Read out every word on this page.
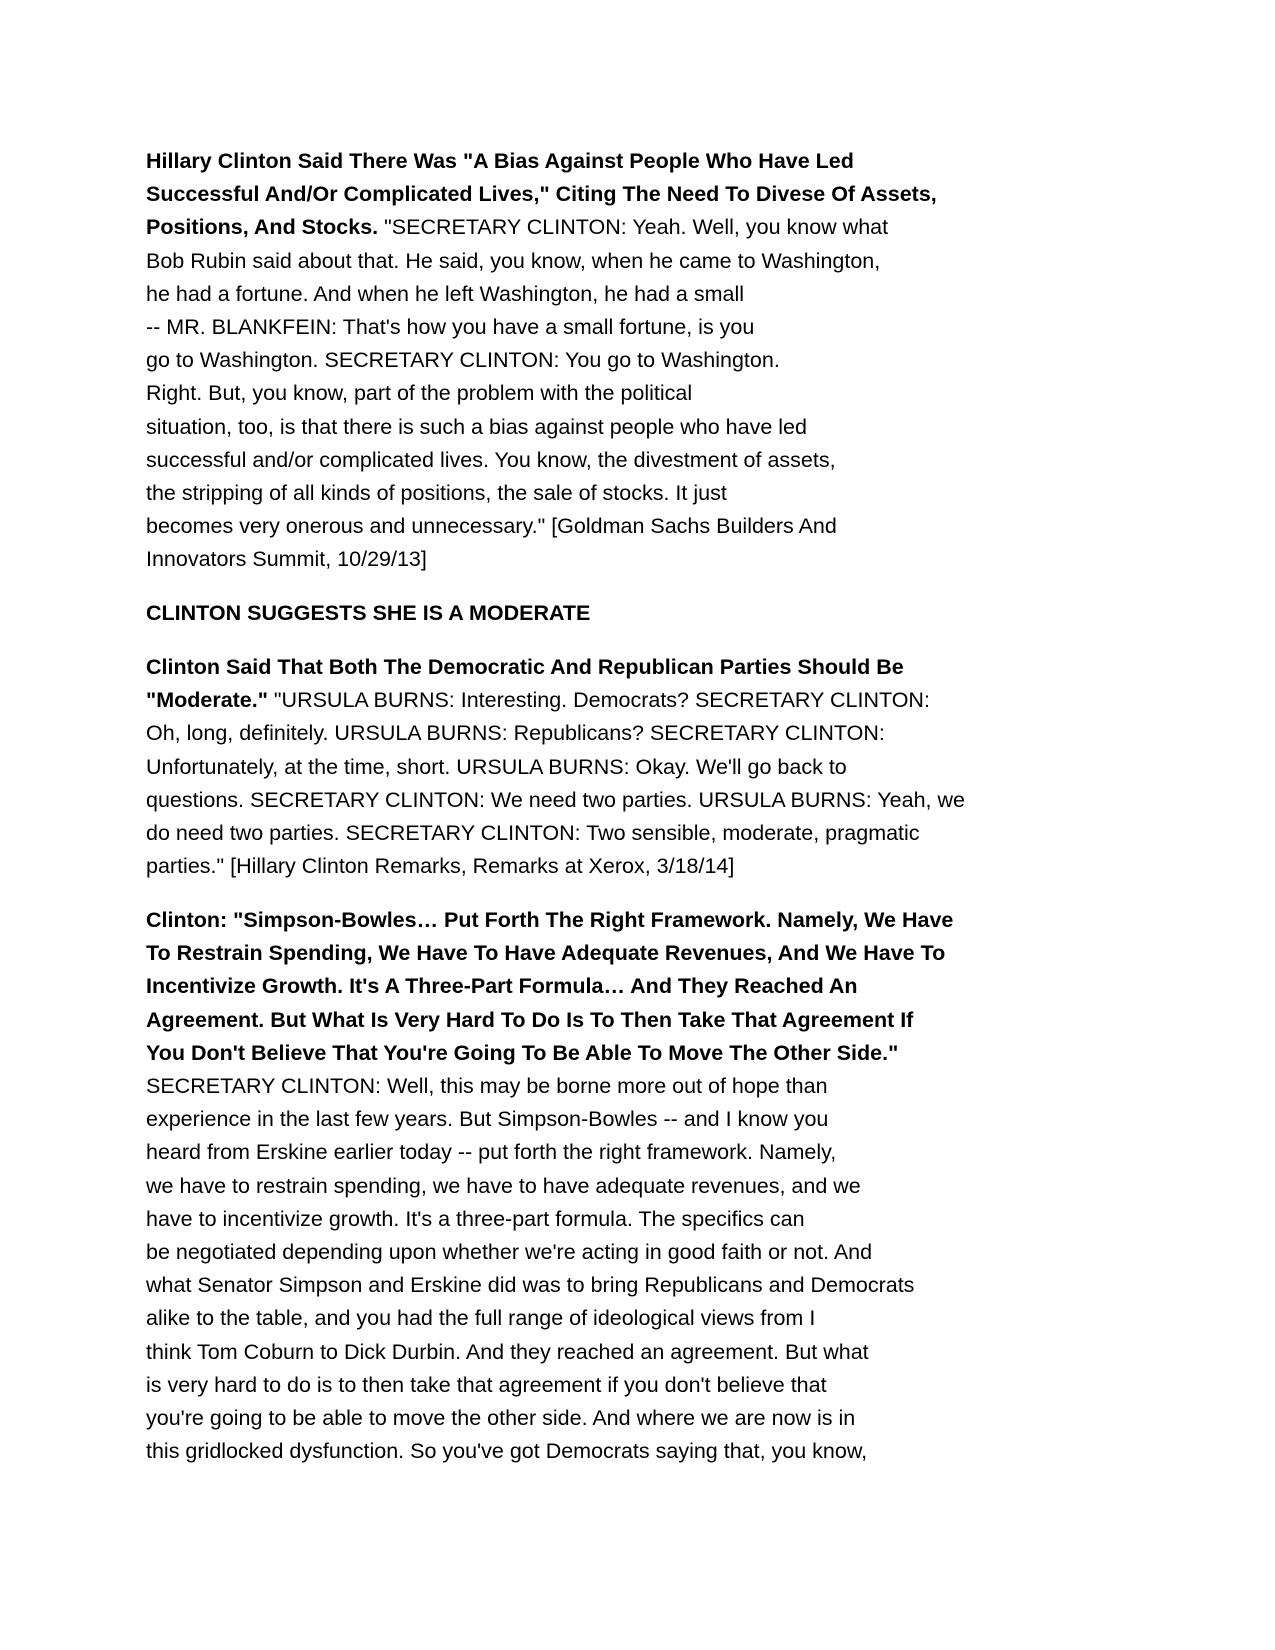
Hillary Clinton Said There Was "A Bias Against People Who Have Led
Successful And/Or Complicated Lives," Citing The Need To Divese Of Assets,
Positions, And Stocks. "SECRETARY CLINTON: Yeah. Well, you know what
Bob Rubin said about that. He said, you know, when he came to Washington,
he had a fortune. And when he left Washington, he had a small
-- MR. BLANKFEIN: That's how you have a small fortune, is you
go to Washington. SECRETARY CLINTON: You go to Washington.
Right. But, you know, part of the problem with the political
situation, too, is that there is such a bias against people who have led
successful and/or complicated lives. You know, the divestment of assets,
the stripping of all kinds of positions, the sale of stocks. It just
becomes very onerous and unnecessary." [Goldman Sachs Builders And
Innovators Summit, 10/29/13]
CLINTON SUGGESTS SHE IS A MODERATE
Clinton Said That Both The Democratic And Republican Parties Should Be
"Moderate." "URSULA BURNS: Interesting. Democrats? SECRETARY CLINTON:
Oh, long, definitely. URSULA BURNS: Republicans? SECRETARY CLINTON:
Unfortunately, at the time, short. URSULA BURNS: Okay. We'll go back to
questions. SECRETARY CLINTON: We need two parties. URSULA BURNS: Yeah, we
do need two parties. SECRETARY CLINTON: Two sensible, moderate, pragmatic
parties." [Hillary Clinton Remarks, Remarks at Xerox, 3/18/14]
Clinton: "Simpson-Bowles… Put Forth The Right Framework. Namely, We Have
To Restrain Spending, We Have To Have Adequate Revenues, And We Have To
Incentivize Growth. It's A Three-Part Formula… And They Reached An
Agreement. But What Is Very Hard To Do Is To Then Take That Agreement If
You Don't Believe That You're Going To Be Able To Move The Other Side."
SECRETARY CLINTON: Well, this may be borne more out of hope than
experience in the last few years. But Simpson-Bowles -- and I know you
heard from Erskine earlier today -- put forth the right framework. Namely,
we have to restrain spending, we have to have adequate revenues, and we
have to incentivize growth. It's a three-part formula. The specifics can
be negotiated depending upon whether we're acting in good faith or not. And
what Senator Simpson and Erskine did was to bring Republicans and Democrats
alike to the table, and you had the full range of ideological views from I
think Tom Coburn to Dick Durbin. And they reached an agreement. But what
is very hard to do is to then take that agreement if you don't believe that
you're going to be able to move the other side. And where we are now is in
this gridlocked dysfunction. So you've got Democrats saying that, you know,
